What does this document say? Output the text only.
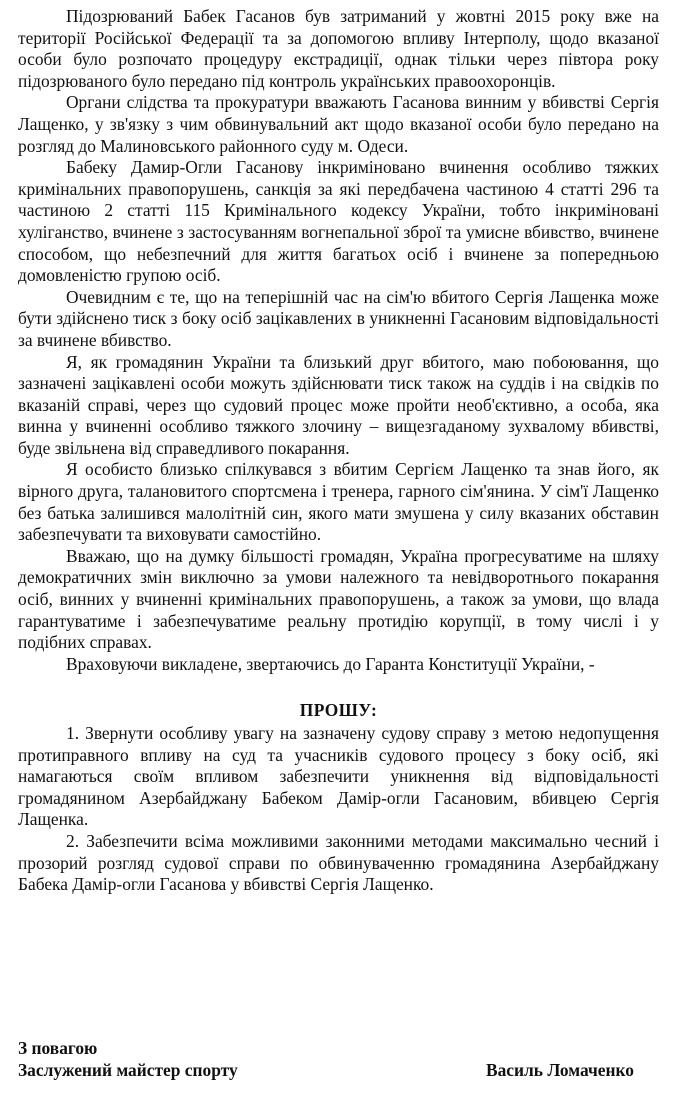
Підозрюваний Бабек Гасанов був затриманий у жовтні 2015 року вже на території Російської Федерації та за допомогою впливу Інтерполу, щодо вказаної особи було розпочато процедуру екстрадиції, однак тільки через півтора року підозрюваного було передано під контроль українських правоохоронців.

Органи слідства та прокуратури вважають Гасанова винним у вбивстві Сергія Лащенко, у зв'язку з чим обвинувальний акт щодо вказаної особи було передано на розгляд до Малиновського районного суду м. Одеси.

Бабеку Дамир-Огли Гасанову інкриміновано вчинення особливо тяжких кримінальних правопорушень, санкція за які передбачена частиною 4 статті 296 та частиною 2 статті 115 Кримінального кодексу України, тобто інкриміновані хуліганство, вчинене з застосуванням вогнепальної зброї та умисне вбивство, вчинене способом, що небезпечний для життя багатьох осіб і вчинене за попередньою домовленістю групою осіб.

Очевидним є те, що на теперішній час на сім'ю вбитого Сергія Лащенка може бути здійснено тиск з боку осіб зацікавлених в уникненні Гасановим відповідальності за вчинене вбивство.

Я, як громадянин України та близький друг вбитого, маю побоювання, що зазначені зацікавлені особи можуть здійснювати тиск також на суддів і на свідків по вказаній справі, через що судовий процес може пройти необ'єктивно, а особа, яка винна у вчиненні особливо тяжкого злочину – вищезгаданому зухвалому вбивстві, буде звільнена від справедливого покарання.

Я особисто близько спілкувався з вбитим Сергієм Лащенко та знав його, як вірного друга, талановитого спортсмена і тренера, гарного сім'янина. У сім'ї Лащенко без батька залишився малолітній син, якого мати змушена у силу вказаних обставин забезпечувати та виховувати самостійно.

Вважаю, що на думку більшості громадян, Україна прогресуватиме на шляху демократичних змін виключно за умови належного та невідворотнього покарання осіб, винних у вчиненні кримінальних правопорушень, а також за умови, що влада гарантуватиме і забезпечуватиме реальну протидію корупції, в тому числі і у подібних справах.

Враховуючи викладене, звертаючись до Гаранта Конституції України, -

ПРОШУ:

1. Звернути особливу увагу на зазначену судову справу з метою недопущення протиправного впливу на суд та учасників судового процесу з боку осіб, які намагаються своїм впливом забезпечити уникнення від відповідальності громадянином Азербайджану Бабеком Дамір-огли Гасановим, вбивцею Сергія Лащенка.

2. Забезпечити всіма можливими законними методами максимально чесний і прозорий розгляд судової справи по обвинуваченню громадянина Азербайджану Бабека Дамір-огли Гасанова у вбивстві Сергія Лащенко.

З повагою
Заслужений майстер спорту	Василь Ломаченко
